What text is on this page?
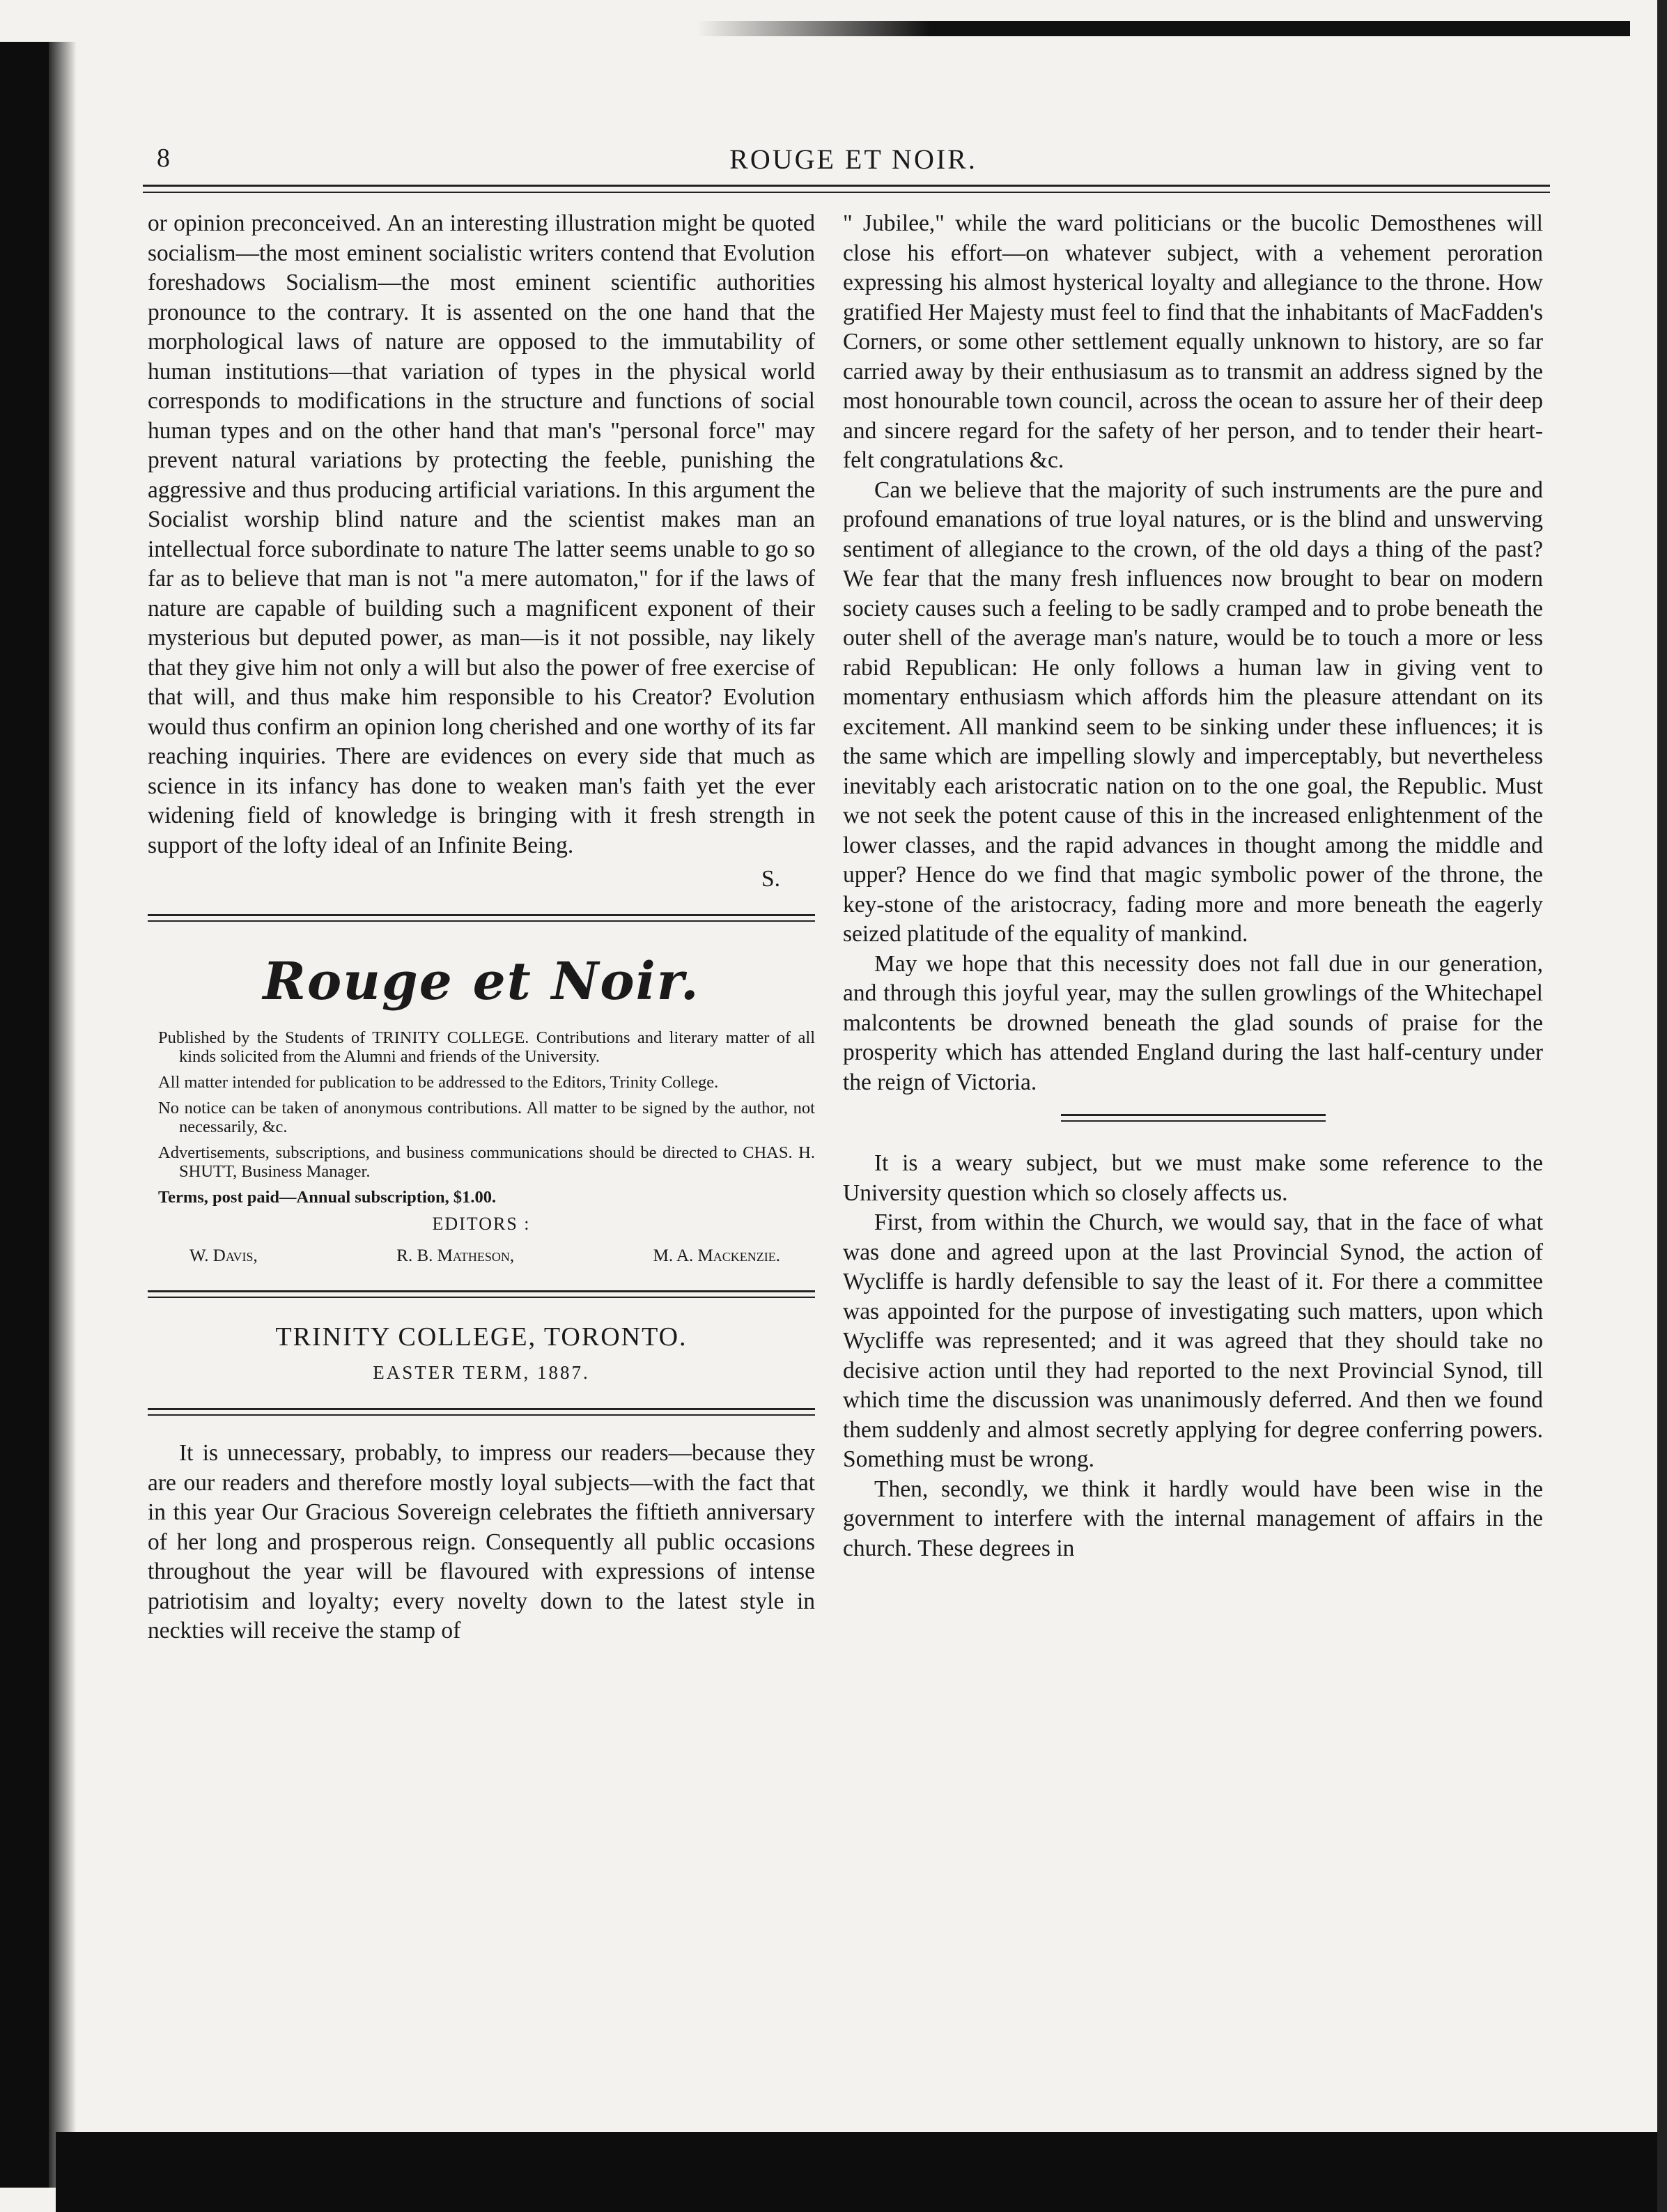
8	ROUGE ET NOIR.

or opinion preconceived. An an interesting illustration might be quoted socialism—the most eminent socialistic writers contend that Evolution foreshadows Socialism—the most eminent scientific authorities pronounce to the contrary. It is assented on the one hand that the morphological laws of nature are opposed to the immutability of human institutions—that variation of types in the physical world corresponds to modifications in the structure and functions of social human types and on the other hand that man's "personal force" may prevent natural variations by protecting the feeble, punishing the aggressive and thus producing artificial variations. In this argument the Socialist worship blind nature and the scientist makes man an intellectual force subordinate to nature The latter seems unable to go so far as to believe that man is not "a mere automaton," for if the laws of nature are capable of building such a magnificent exponent of their mysterious but deputed power, as man—is it not possible, nay likely that they give him not only a will but also the power of free exercise of that will, and thus make him responsible to his Creator? Evolution would thus confirm an opinion long cherished and one worthy of its far reaching inquiries. There are evidences on every side that much as science in its infancy has done to weaken man's faith yet the ever widening field of knowledge is bringing with it fresh strength in support of the lofty ideal of an Infinite Being.

S.

Rouge et Noir.

Published by the Students of TRINITY COLLEGE. Contributions and literary matter of all kinds solicited from the Alumni and friends of the University.

All matter intended for publication to be addressed to the Editors, Trinity College.

No notice can be taken of anonymous contributions. All matter to be signed by the author, not necessarily, &c.

Advertisements, subscriptions, and business communications should be directed to CHAS. H. SHUTT, Business Manager.

Terms, post paid—Annual subscription, $1.00.

EDITORS :

W. Davis,	R. B. Matheson,	M. A. Mackenzie.

TRINITY COLLEGE, TORONTO.

EASTER TERM, 1887.

It is unnecessary, probably, to impress our readers—because they are our readers and therefore mostly loyal subjects—with the fact that in this year Our Gracious Sovereign celebrates the fiftieth anniversary of her long and prosperous reign. Consequently all public occasions throughout the year will be flavoured with expressions of intense patriotisim and loyalty; every novelty down to the latest style in neckties will receive the stamp of

" Jubilee," while the ward politicians or the bucolic Demosthenes will close his effort—on whatever subject, with a vehement peroration expressing his almost hysterical loyalty and allegiance to the throne. How gratified Her Majesty must feel to find that the inhabitants of MacFadden's Corners, or some other settlement equally unknown to history, are so far carried away by their enthusiasum as to transmit an address signed by the most honourable town council, across the ocean to assure her of their deep and sincere regard for the safety of her person, and to tender their heart-felt congratulations &c.

Can we believe that the majority of such instruments are the pure and profound emanations of true loyal natures, or is the blind and unswerving sentiment of allegiance to the crown, of the old days a thing of the past? We fear that the many fresh influences now brought to bear on modern society causes such a feeling to be sadly cramped and to probe beneath the outer shell of the average man's nature, would be to touch a more or less rabid Republican: He only follows a human law in giving vent to momentary enthusiasm which affords him the pleasure attendant on its excitement. All mankind seem to be sinking under these influences; it is the same which are impelling slowly and imperceptably, but nevertheless inevitably each aristocratic nation on to the one goal, the Republic. Must we not seek the potent cause of this in the increased enlightenment of the lower classes, and the rapid advances in thought among the middle and upper? Hence do we find that magic symbolic power of the throne, the key-stone of the aristocracy, fading more and more beneath the eagerly seized platitude of the equality of mankind.

May we hope that this necessity does not fall due in our generation, and through this joyful year, may the sullen growlings of the Whitechapel malcontents be drowned beneath the glad sounds of praise for the prosperity which has attended England during the last half-century under the reign of Victoria.

It is a weary subject, but we must make some reference to the University question which so closely affects us.

First, from within the Church, we would say, that in the face of what was done and agreed upon at the last Provincial Synod, the action of Wycliffe is hardly defensible to say the least of it. For there a committee was appointed for the purpose of investigating such matters, upon which Wycliffe was represented; and it was agreed that they should take no decisive action until they had reported to the next Provincial Synod, till which time the discussion was unanimously deferred. And then we found them suddenly and almost secretly applying for degree conferring powers. Something must be wrong.

Then, secondly, we think it hardly would have been wise in the government to interfere with the internal management of affairs in the church. These degrees in
